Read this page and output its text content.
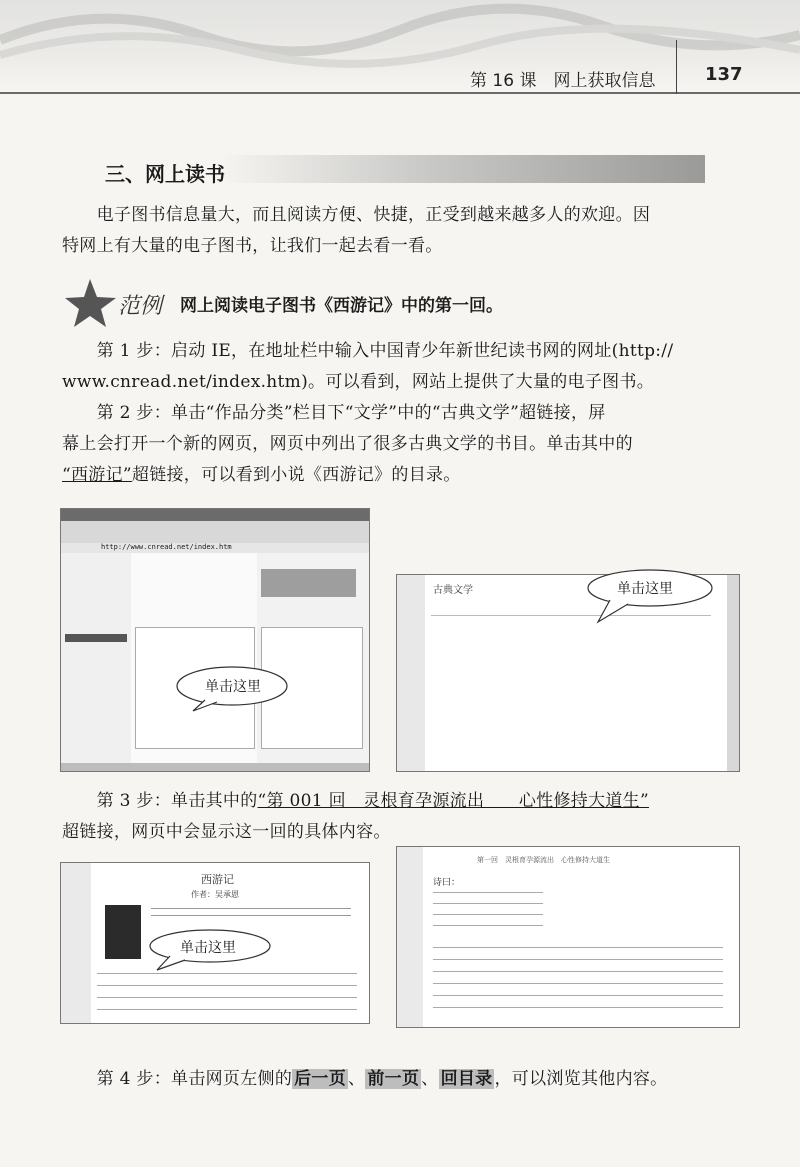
第 16 课　网上获取信息	137
三、网上读书
　　电子图书信息量大，而且阅读方便、快捷，正受到越来越多人的欢迎。因
特网上有大量的电子图书，让我们一起去看一看。
范例 网上阅读电子图书《西游记》中的第一回。
　　第 1 步：启动 IE，在地址栏中输入中国青少年新世纪读书网的网址(http://
www.cnread.net/index.htm)。可以看到，网站上提供了大量的电子图书。
　　第 2 步：单击“作品分类”栏目下“文学”中的“古典文学”超链接，屏
幕上会打开一个新的网页，网页中列出了很多古典文学的书目。单击其中的
“西游记”超链接，可以看到小说《西游记》的目录。
http://www.cnread.net/index.htm
单击这里
古典文学	单击这里
　　第 3 步：单击其中的“第 001 回　灵根育孕源流出　　心性修持大道生”
超链接，网页中会显示这一回的具体内容。
西游记
作者：吴承恩
单击这里
第一回　灵根育孕源流出　心性修持大道生
诗曰：
　　第 4 步：单击网页左侧的 后一页 、 前一页 、 回目录 ，可以浏览其他内容。
